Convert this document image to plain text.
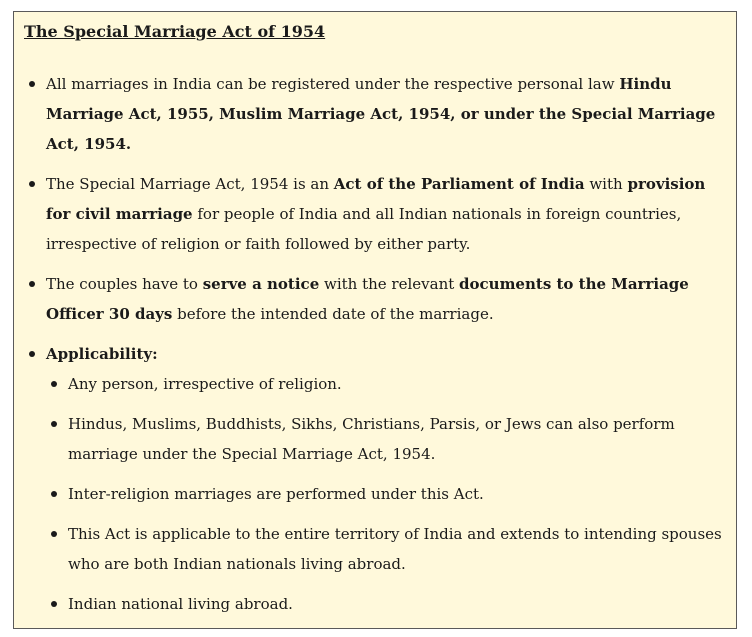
The Special Marriage Act of 1954
All marriages in India can be registered under the respective personal law Hindu Marriage Act, 1955, Muslim Marriage Act, 1954, or under the Special Marriage Act, 1954.
The Special Marriage Act, 1954 is an Act of the Parliament of India with provision for civil marriage for people of India and all Indian nationals in foreign countries, irrespective of religion or faith followed by either party.
The couples have to serve a notice with the relevant documents to the Marriage Officer 30 days before the intended date of the marriage.
Applicability:
Any person, irrespective of religion.
Hindus, Muslims, Buddhists, Sikhs, Christians, Parsis, or Jews can also perform marriage under the Special Marriage Act, 1954.
Inter-religion marriages are performed under this Act.
This Act is applicable to the entire territory of India and extends to intending spouses who are both Indian nationals living abroad.
Indian national living abroad.
